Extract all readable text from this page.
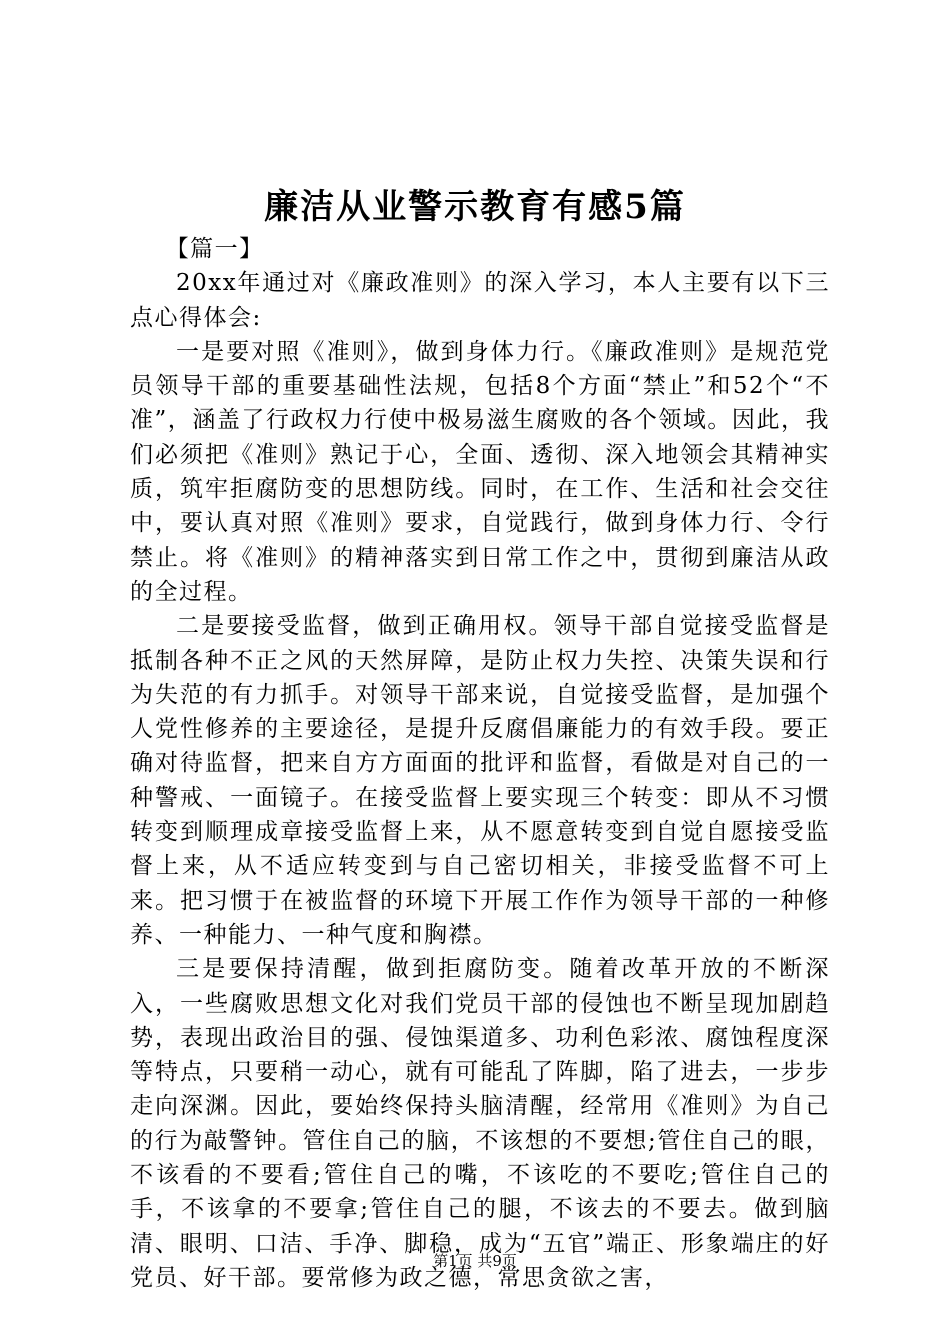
廉洁从业警示教育有感5篇

【篇一】

20xx年通过对《廉政准则》的深入学习，本人主要有以下三点心得体会:

一是要对照《准则》，做到身体力行。《廉政准则》是规范党员领导干部的重要基础性法规，包括8个方面“禁止”和52个“不准”，涵盖了行政权力行使中极易滋生腐败的各个领域。因此，我们必须把《准则》熟记于心，全面、透彻、深入地领会其精神实质，筑牢拒腐防变的思想防线。同时，在工作、生活和社会交往中，要认真对照《准则》要求，自觉践行，做到身体力行、令行禁止。将《准则》的精神落实到日常工作之中，贯彻到廉洁从政的全过程。

二是要接受监督，做到正确用权。领导干部自觉接受监督是抵制各种不正之风的天然屏障，是防止权力失控、决策失误和行为失范的有力抓手。对领导干部来说，自觉接受监督，是加强个人党性修养的主要途径，是提升反腐倡廉能力的有效手段。要正确对待监督，把来自方方面面的批评和监督，看做是对自己的一种警戒、一面镜子。在接受监督上要实现三个转变：即从不习惯转变到顺理成章接受监督上来，从不愿意转变到自觉自愿接受监督上来，从不适应转变到与自己密切相关，非接受监督不可上来。把习惯于在被监督的环境下开展工作作为领导干部的一种修养、一种能力、一种气度和胸襟。

三是要保持清醒，做到拒腐防变。随着改革开放的不断深入，一些腐败思想文化对我们党员干部的侵蚀也不断呈现加剧趋势，表现出政治目的强、侵蚀渠道多、功利色彩浓、腐蚀程度深等特点，只要稍一动心，就有可能乱了阵脚，陷了进去，一步步走向深渊。因此，要始终保持头脑清醒，经常用《准则》为自己的行为敲警钟。管住自己的脑，不该想的不要想;管住自己的眼，不该看的不要看;管住自己的嘴，不该吃的不要吃;管住自己的手，不该拿的不要拿;管住自己的腿，不该去的不要去。做到脑清、眼明、口洁、手净、脚稳，成为“五官”端正、形象端庄的好党员、好干部。要常修为政之德，常思贪欲之害，

第1页 共9页
